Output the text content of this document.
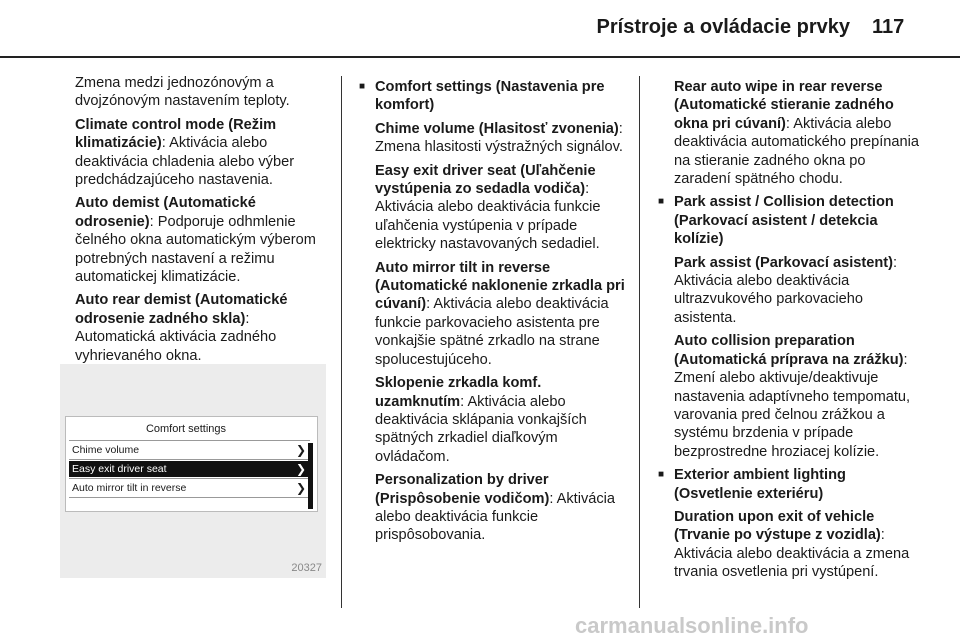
Prístroje a ovládacie prvky 117

Zmena medzi jednozónovým a dvojzónovým nastavením teploty.

Climate control mode (Režim klimatizácie): Aktivácia alebo deaktivácia chladenia alebo výber predchádzajúceho nastavenia.

Auto demist (Automatické odrosenie): Podporuje odhmlenie čelného okna automatickým výberom potrebných nastavení a režimu automatickej klimatizácie.

Auto rear demist (Automatické odrosenie zadného skla): Automatická aktivácia zadného vyhrievaného okna.

Comfort settings
Chime volume	❯
Easy exit driver seat	❯
Auto mirror tilt in reverse	❯
20327

■ Comfort settings (Nastavenia pre komfort)

Chime volume (Hlasitosť zvonenia): Zmena hlasitosti výstražných signálov.

Easy exit driver seat (Uľahčenie vystúpenia zo sedadla vodiča): Aktivácia alebo deaktivácia funkcie uľahčenia vystúpenia v prípade elektricky nastavovaných sedadiel.

Auto mirror tilt in reverse (Automatické naklonenie zrkadla pri cúvaní): Aktivácia alebo deaktivácia funkcie parkovacieho asistenta pre vonkajšie spätné zrkadlo na strane spolucestujúceho.

Sklopenie zrkadla komf. uzamknutím: Aktivácia alebo deaktivácia sklápania vonkajších spätných zrkadiel diaľkovým ovládačom.

Personalization by driver (Prispôsobenie vodičom): Aktivácia alebo deaktivácia funkcie prispôsobovania.

Rear auto wipe in rear reverse (Automatické stieranie zadného okna pri cúvaní): Aktivácia alebo deaktivácia automatického prepínania na stieranie zadného okna po zaradení spätného chodu.

■ Park assist / Collision detection (Parkovací asistent / detekcia kolízie)

Park assist (Parkovací asistent): Aktivácia alebo deaktivácia ultrazvukového parkovacieho asistenta.

Auto collision preparation (Automatická príprava na zrážku): Zmení alebo aktivuje/deaktivuje nastavenia adaptívneho tempomatu, varovania pred čelnou zrážkou a systému brzdenia v prípade bezprostredne hroziacej kolízie.

■ Exterior ambient lighting (Osvetlenie exteriéru)

Duration upon exit of vehicle (Trvanie po výstupe z vozidla): Aktivácia alebo deaktivácia a zmena trvania osvetlenia pri vystúpení.

carmanualsonline.info
